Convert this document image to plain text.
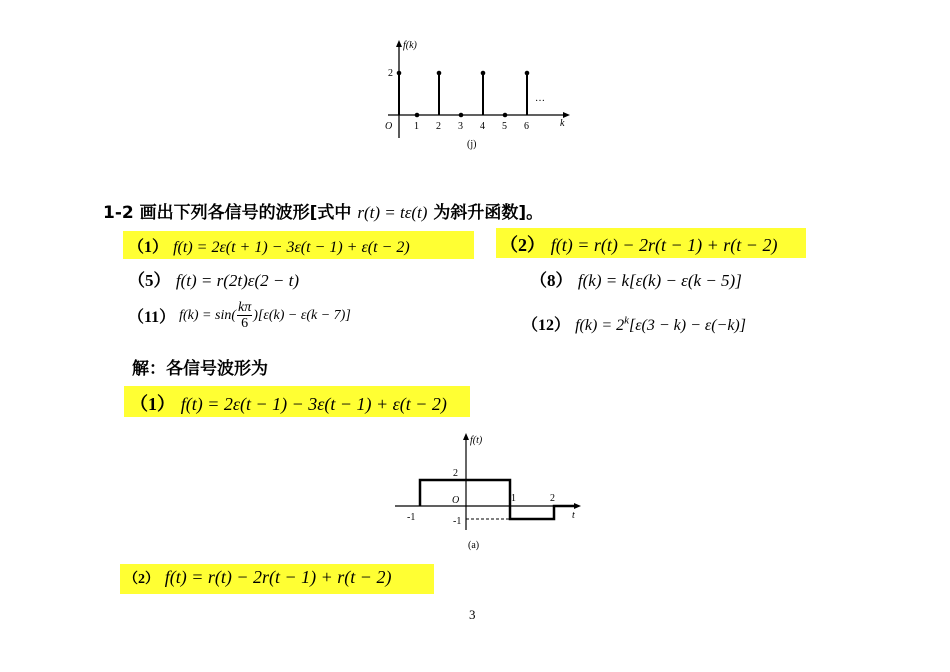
f(k)
2
O	k
1 2 3 4 5 6
…
(j)
1-2 画出下列各信号的波形[式中 r(t) = tε(t) 为斜升函数]。
（1） f(t) = 2ε(t + 1) − 3ε(t − 1) + ε(t − 2)	（2） f(t) = r(t) − 2r(t − 1) + r(t − 2)
（5） f(t) = r(2t)ε(2 − t)	（8） f(k) = k[ε(k) − ε(k − 5)]
（11） $f(k) = \sin( \frac{k\pi}{6} )[\varepsilon(k) - \varepsilon(k - 7)]$
（12） $f(k) = 2^k[\varepsilon(3 - k) - \varepsilon(-k)]$
解：各信号波形为
（1） f(t) = 2ε(t − 1) − 3ε(t − 1) + ε(t − 2)
f(t)
2
-1
O
-1
1	2
t
(a)
（2） f(t) = r(t) − 2r(t − 1) + r(t − 2)
3
